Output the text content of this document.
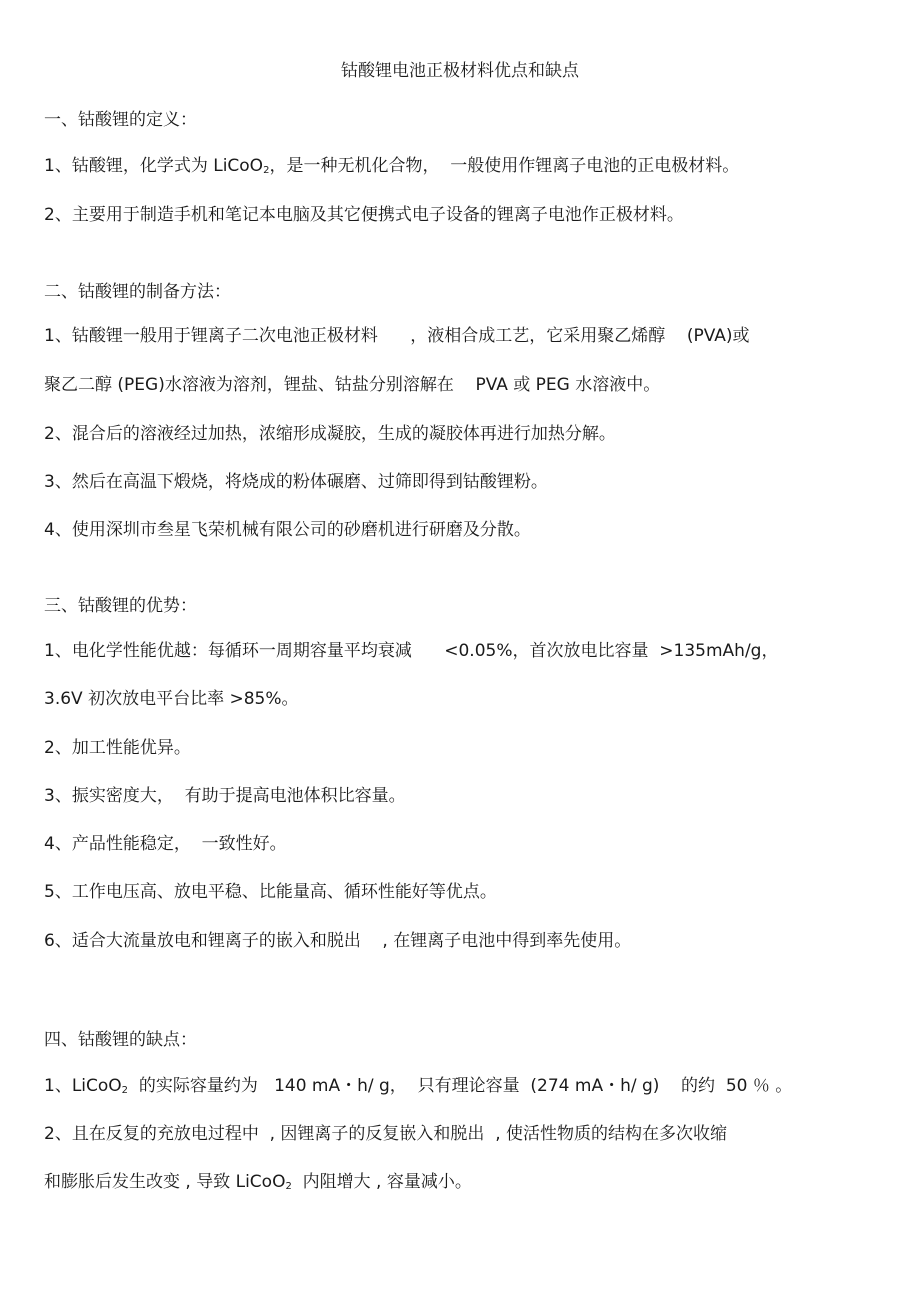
钴酸锂电池正极材料优点和缺点
一、钴酸锂的定义：
1、钴酸锂，化学式为 LiCoO$_2$，是一种无机化合物，  一般使用作锂离子电池的正电极材料。
2、主要用于制造手机和笔记本电脑及其它便携式电子设备的锂离子电池作正极材料。
二、钴酸锂的制备方法：
1、钴酸锂一般用于锂离子二次电池正极材料      ，液相合成工艺，它采用聚乙烯醇    (PVA)或
聚乙二醇 (PEG)水溶液为溶剂，锂盐、钴盐分别溶解在    PVA 或 PEG 水溶液中。
2、混合后的溶液经过加热，浓缩形成凝胶，生成的凝胶体再进行加热分解。
3、然后在高温下煅烧，将烧成的粉体碾磨、过筛即得到钴酸锂粉。
4、使用深圳市叁星飞荣机械有限公司的砂磨机进行研磨及分散。
三、钴酸锂的优势：
1、电化学性能优越：每循环一周期容量平均衰减      <0.05%，首次放电比容量  >135mAh/g，
3.6V 初次放电平台比率 >85%。
2、加工性能优异。
3、振实密度大，  有助于提高电池体积比容量。
4、产品性能稳定，  一致性好。
5、工作电压高、放电平稳、比能量高、循环性能好等优点。
6、适合大流量放电和锂离子的嵌入和脱出    , 在锂离子电池中得到率先使用。
四、钴酸锂的缺点：
1、LiCoO$_2$  的实际容量约为   140 mA・h/ g，  只有理论容量  (274 mA・h/ g)    的约  50 ％ 。
2、且在反复的充放电过程中  , 因锂离子的反复嵌入和脱出  , 使活性物质的结构在多次收缩
和膨胀后发生改变 , 导致 LiCoO$_2$  内阻增大 , 容量减小。
